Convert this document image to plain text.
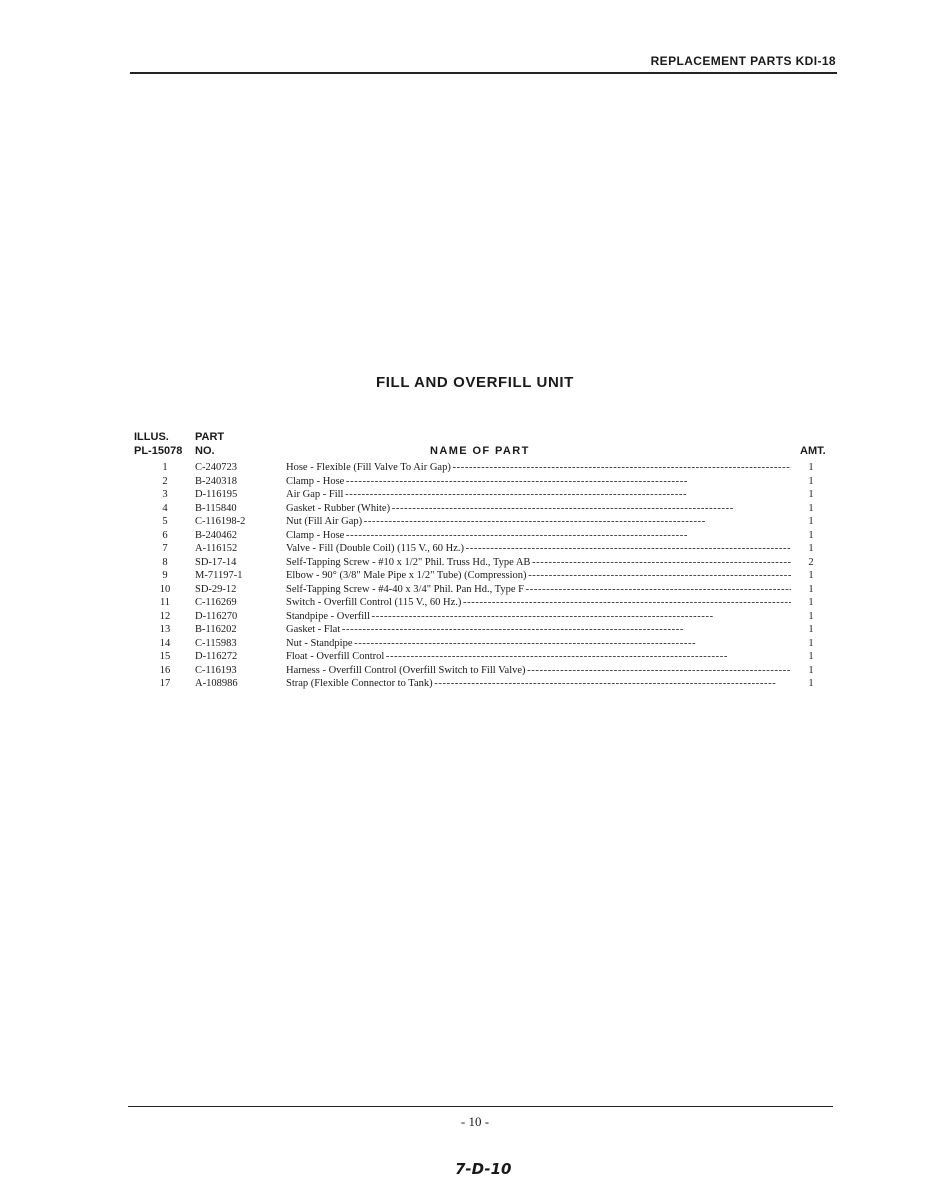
REPLACEMENT PARTS KDI-18
FILL AND OVERFILL UNIT
ILLUS.
PL-15078
PART
NO.	NAME OF PART	AMT.
1	C-240723	Hose - Flexible (Fill Valve To Air Gap) - - -	1
2	B-240318	Clamp - Hose - - -	1
3	D-116195	Air Gap - Fill - - -	1
4	B-115840	Gasket - Rubber (White) - - -	1
5	C-116198-2	Nut (Fill Air Gap) - - -	1
6	B-240462	Clamp - Hose - - -	1
7	A-116152	Valve - Fill (Double Coil) (115 V., 60 Hz.) - - -	1
8	SD-17-14	Self-Tapping Screw - #10 x 1/2" Phil. Truss Hd., Type AB - - -	2
9	M-71197-1	Elbow - 90° (3/8" Male Pipe x 1/2" Tube) (Compression) - - -	1
10	SD-29-12	Self-Tapping Screw - #4-40 x 3/4" Phil. Pan Hd., Type F - - -	1
11	C-116269	Switch - Overfill Control (115 V., 60 Hz.) - - -	1
12	D-116270	Standpipe - Overfill - - -	1
13	B-116202	Gasket - Flat - - -	1
14	C-115983	Nut - Standpipe - - -	1
15	D-116272	Float - Overfill Control - - -	1
16	C-116193	Harness - Overfill Control (Overfill Switch to Fill Valve) - - -	1
17	A-108986	Strap (Flexible Connector to Tank) - - -	1
- 10 -
7-D-10
